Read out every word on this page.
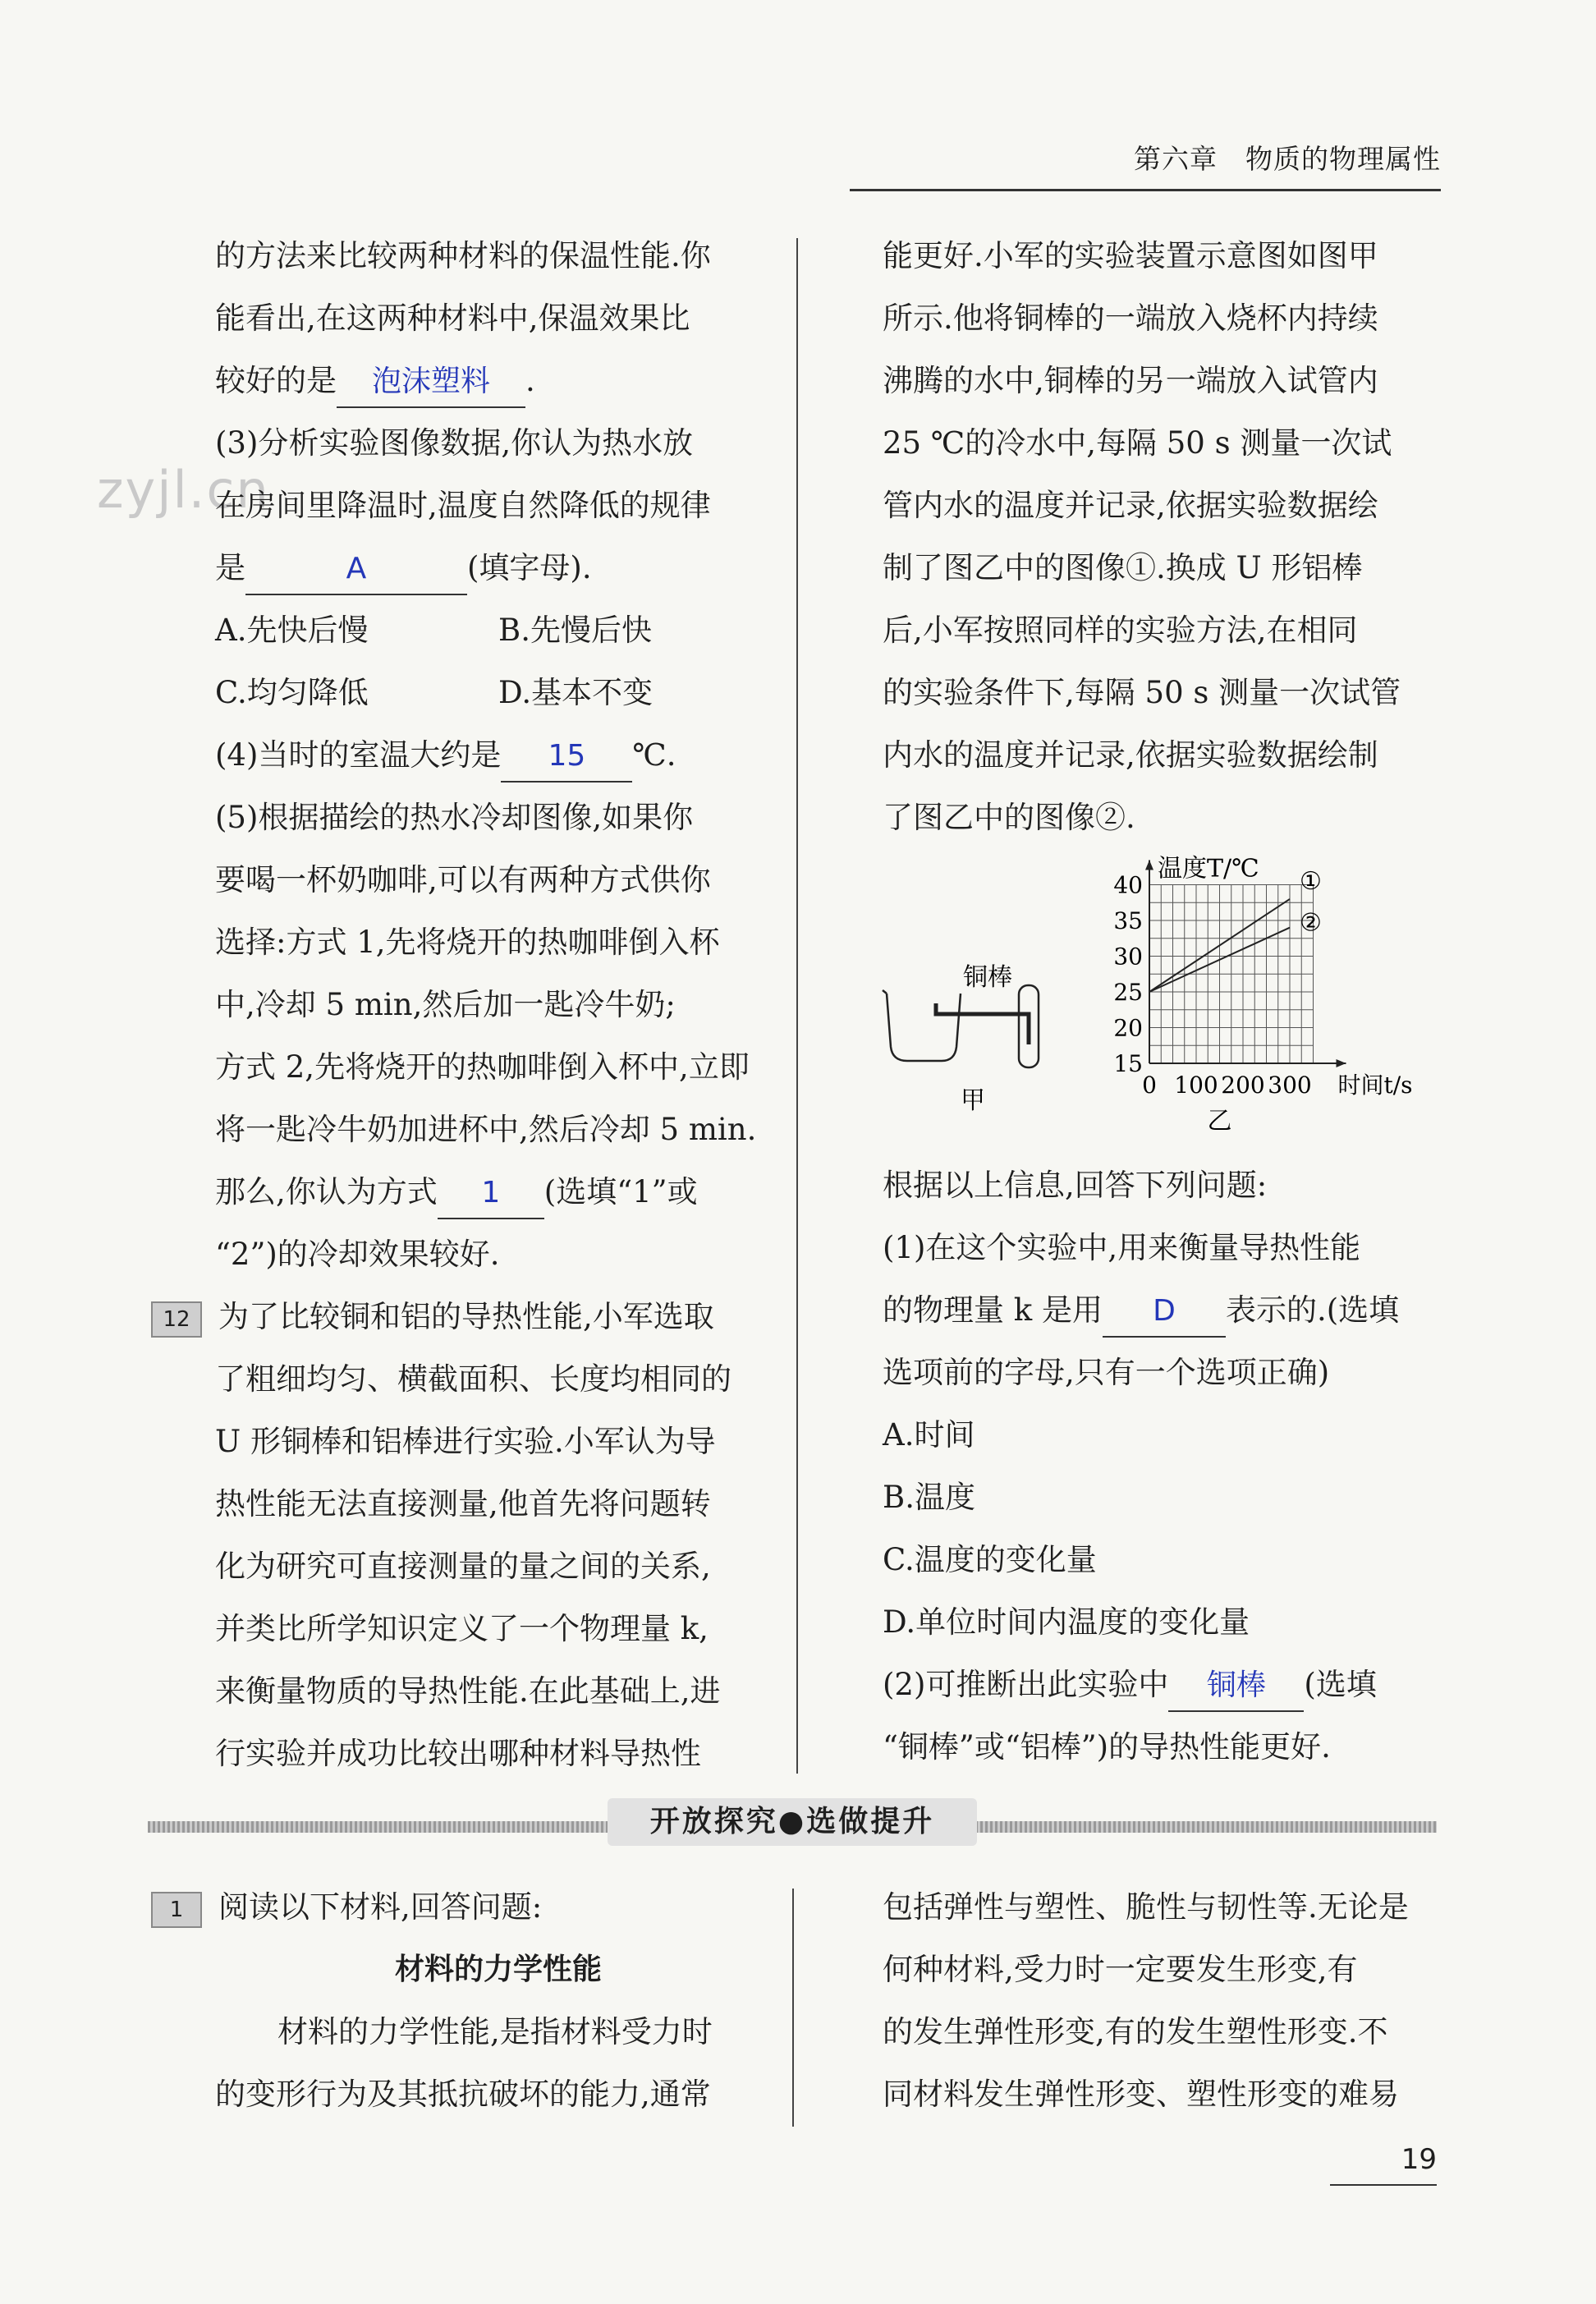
第六章　物质的物理属性
zyjl.cn
的方法来比较两种材料的保温性能.你
能看出,在这两种材料中,保温效果比
较好的是 泡沫塑料 .
(3)分析实验图像数据,你认为热水放
在房间里降温时,温度自然降低的规律
是	A	(填字母).
A.先快后慢	B.先慢后快
C.均匀降低	D.基本不变
(4)当时的室温大约是 15 ℃.
(5)根据描绘的热水冷却图像,如果你
要喝一杯奶咖啡,可以有两种方式供你
选择:方式 1,先将烧开的热咖啡倒入杯
中,冷却 5 min,然后加一匙冷牛奶;
方式 2,先将烧开的热咖啡倒入杯中,立即
将一匙冷牛奶加进杯中,然后冷却 5 min.
那么,你认为方式 1 (选填“1”或
“2”)的冷却效果较好.
12 为了比较铜和铝的导热性能,小军选取
了粗细均匀、横截面积、长度均相同的
U 形铜棒和铝棒进行实验.小军认为导
热性能无法直接测量,他首先将问题转
化为研究可直接测量的量之间的关系,
并类比所学知识定义了一个物理量 k,
来衡量物质的导热性能.在此基础上,进
行实验并成功比较出哪种材料导热性
能更好.小军的实验装置示意图如图甲
所示.他将铜棒的一端放入烧杯内持续
沸腾的水中,铜棒的另一端放入试管内
25 ℃的冷水中,每隔 50 s 测量一次试
管内水的温度并记录,依据实验数据绘
制了图乙中的图像①.换成 U 形铝棒
后,小军按照同样的实验方法,在相同
的实验条件下,每隔 50 s 测量一次试管
内水的温度并记录,依据实验数据绘制
了图乙中的图像②.
根据以上信息,回答下列问题:
(1)在这个实验中,用来衡量导热性能
的物理量 k 是用 D 表示的.(选填
选项前的字母,只有一个选项正确)
A.时间
B.温度
C.温度的变化量
D.单位时间内温度的变化量
(2)可推断出此实验中 铜棒 (选填
“铜棒”或“铝棒”)的导热性能更好.
铜棒
甲
40
35
30
25
20
15
0 100 200 300
①
②
温度T/℃
时间t/s
乙
开放探究●选做提升
1 阅读以下材料,回答问题:
材料的力学性能
材料的力学性能,是指材料受力时
的变形行为及其抵抗破坏的能力,通常
包括弹性与塑性、脆性与韧性等.无论是
何种材料,受力时一定要发生形变,有
的发生弹性形变,有的发生塑性形变.不
同材料发生弹性形变、塑性形变的难易
19
